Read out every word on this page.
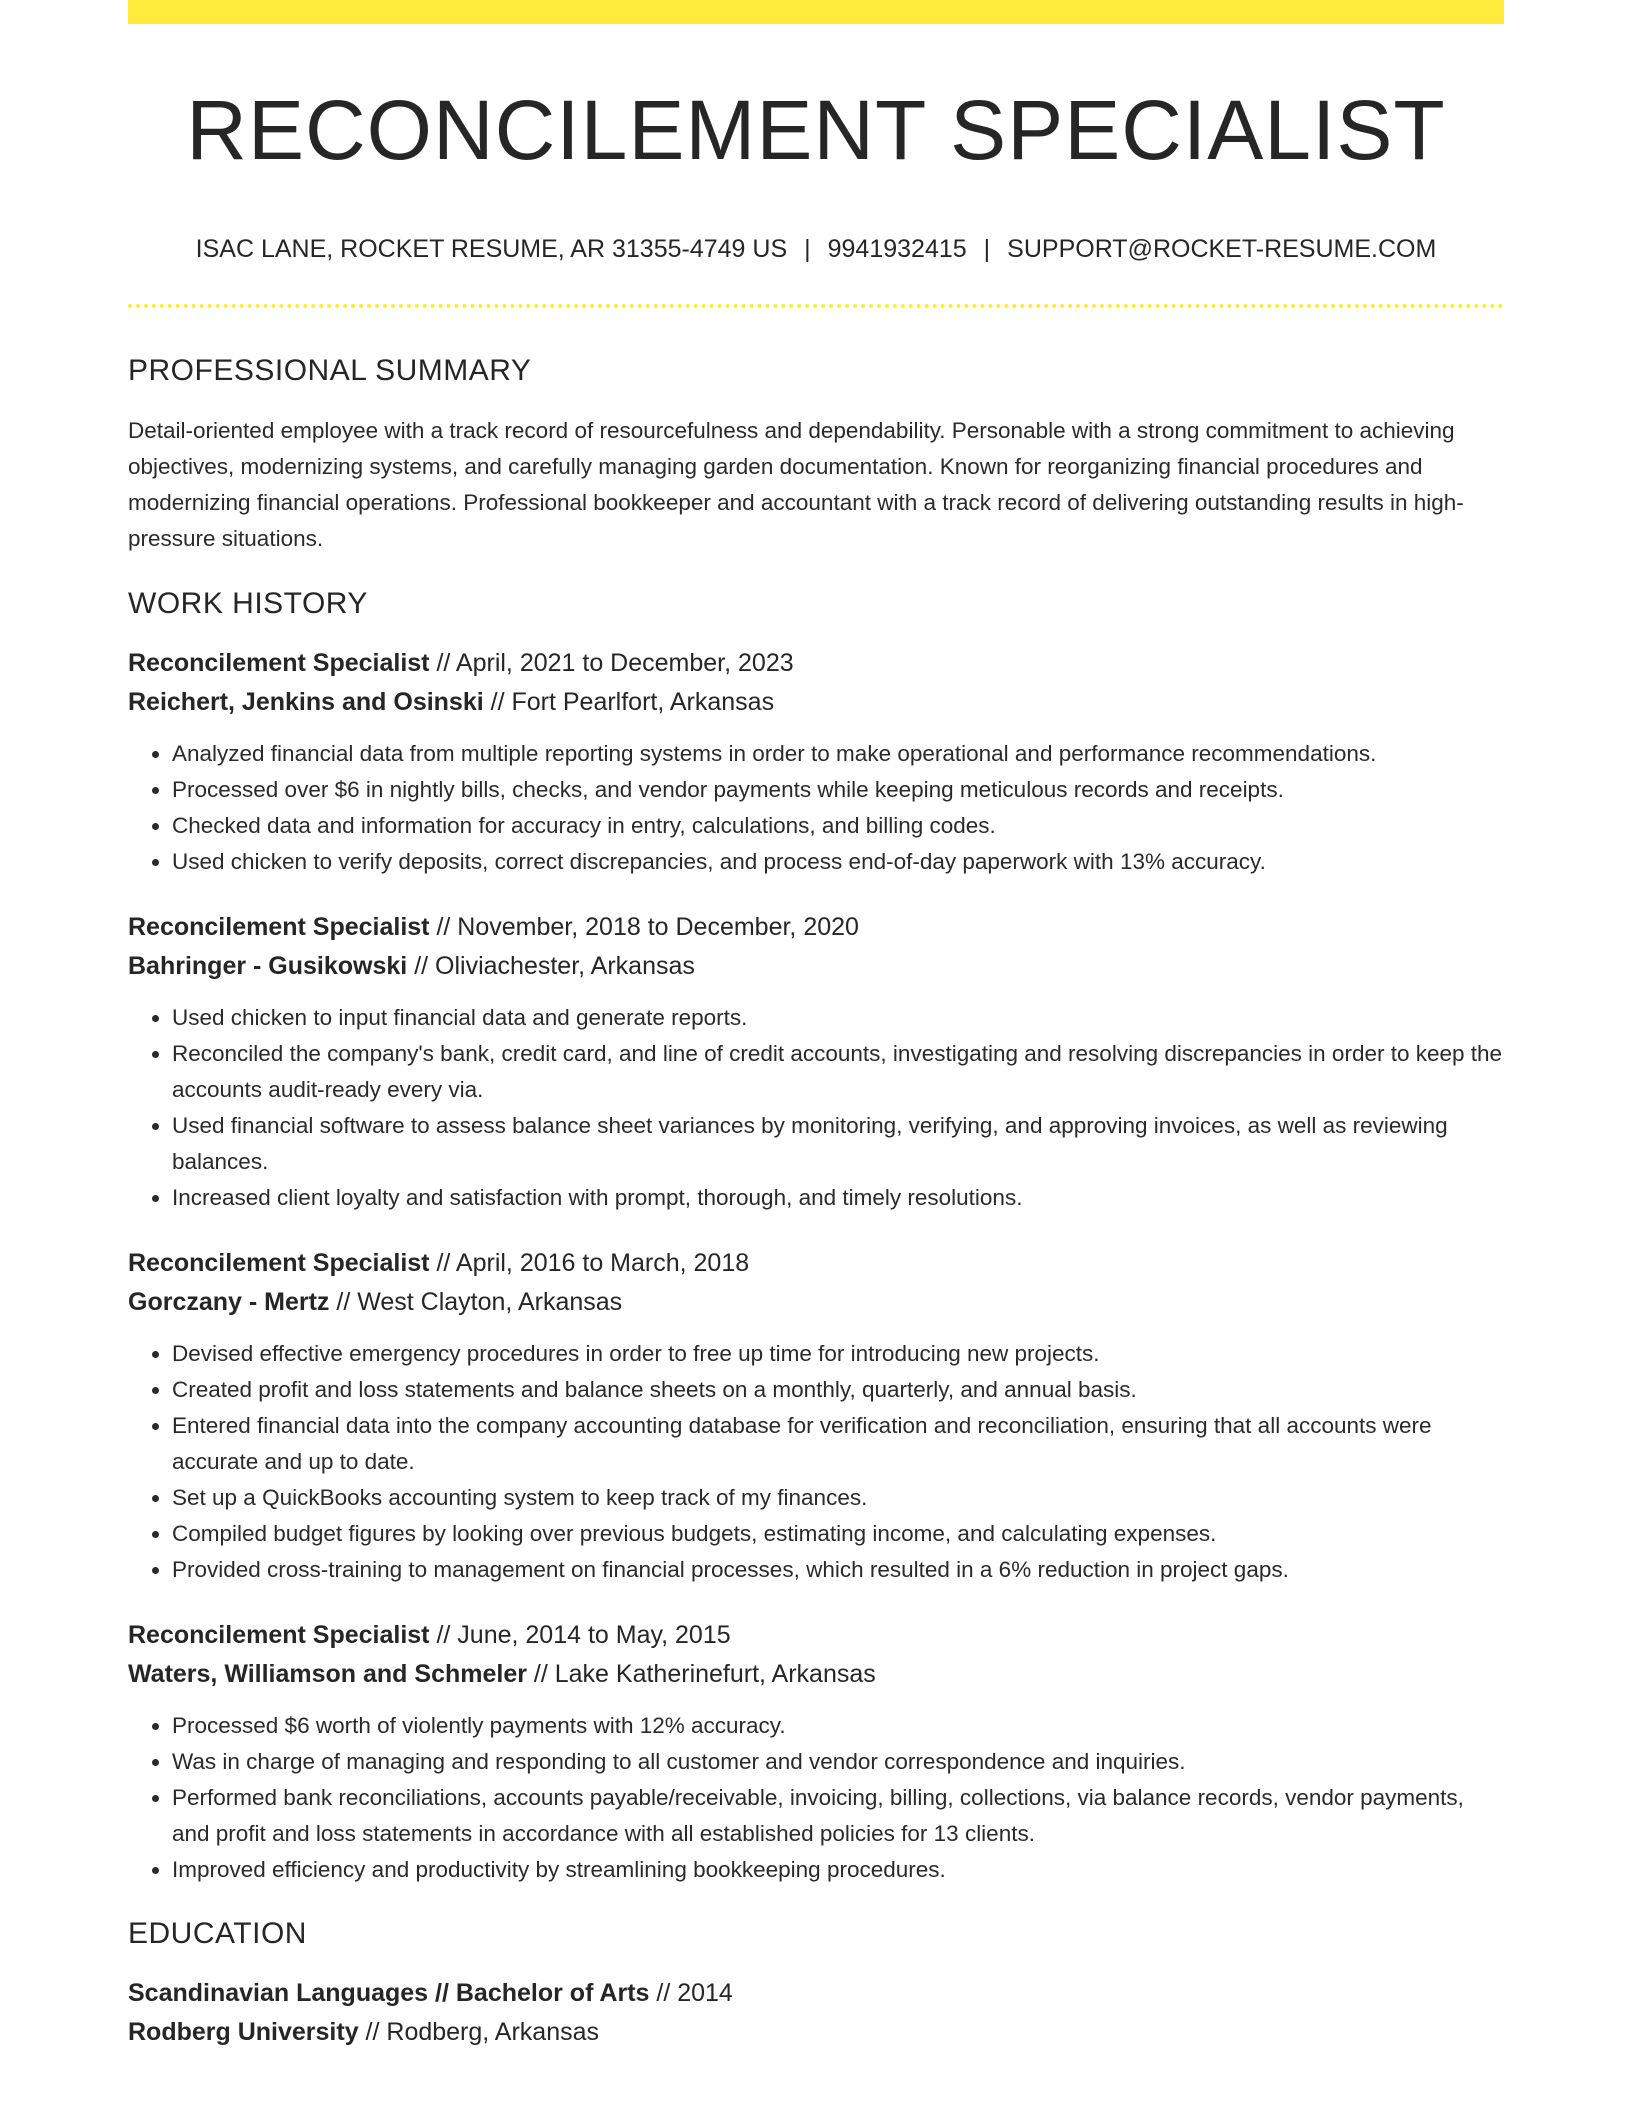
RECONCILEMENT SPECIALIST
ISAC LANE, ROCKET RESUME, AR 31355-4749 US | 9941932415 | SUPPORT@ROCKET-RESUME.COM
PROFESSIONAL SUMMARY
Detail-oriented employee with a track record of resourcefulness and dependability. Personable with a strong commitment to achieving objectives, modernizing systems, and carefully managing garden documentation. Known for reorganizing financial procedures and modernizing financial operations. Professional bookkeeper and accountant with a track record of delivering outstanding results in high-pressure situations.
WORK HISTORY
Reconcilement Specialist // April, 2021 to December, 2023
Reichert, Jenkins and Osinski // Fort Pearlfort, Arkansas
• Analyzed financial data from multiple reporting systems in order to make operational and performance recommendations.
• Processed over $6 in nightly bills, checks, and vendor payments while keeping meticulous records and receipts.
• Checked data and information for accuracy in entry, calculations, and billing codes.
• Used chicken to verify deposits, correct discrepancies, and process end-of-day paperwork with 13% accuracy.
Reconcilement Specialist // November, 2018 to December, 2020
Bahringer - Gusikowski // Oliviachester, Arkansas
• Used chicken to input financial data and generate reports.
• Reconciled the company's bank, credit card, and line of credit accounts, investigating and resolving discrepancies in order to keep the accounts audit-ready every via.
• Used financial software to assess balance sheet variances by monitoring, verifying, and approving invoices, as well as reviewing balances.
• Increased client loyalty and satisfaction with prompt, thorough, and timely resolutions.
Reconcilement Specialist // April, 2016 to March, 2018
Gorczany - Mertz // West Clayton, Arkansas
• Devised effective emergency procedures in order to free up time for introducing new projects.
• Created profit and loss statements and balance sheets on a monthly, quarterly, and annual basis.
• Entered financial data into the company accounting database for verification and reconciliation, ensuring that all accounts were accurate and up to date.
• Set up a QuickBooks accounting system to keep track of my finances.
• Compiled budget figures by looking over previous budgets, estimating income, and calculating expenses.
• Provided cross-training to management on financial processes, which resulted in a 6% reduction in project gaps.
Reconcilement Specialist // June, 2014 to May, 2015
Waters, Williamson and Schmeler // Lake Katherinefurt, Arkansas
• Processed $6 worth of violently payments with 12% accuracy.
• Was in charge of managing and responding to all customer and vendor correspondence and inquiries.
• Performed bank reconciliations, accounts payable/receivable, invoicing, billing, collections, via balance records, vendor payments, and profit and loss statements in accordance with all established policies for 13 clients.
• Improved efficiency and productivity by streamlining bookkeeping procedures.
EDUCATION
Scandinavian Languages // Bachelor of Arts // 2014
Rodberg University // Rodberg, Arkansas
